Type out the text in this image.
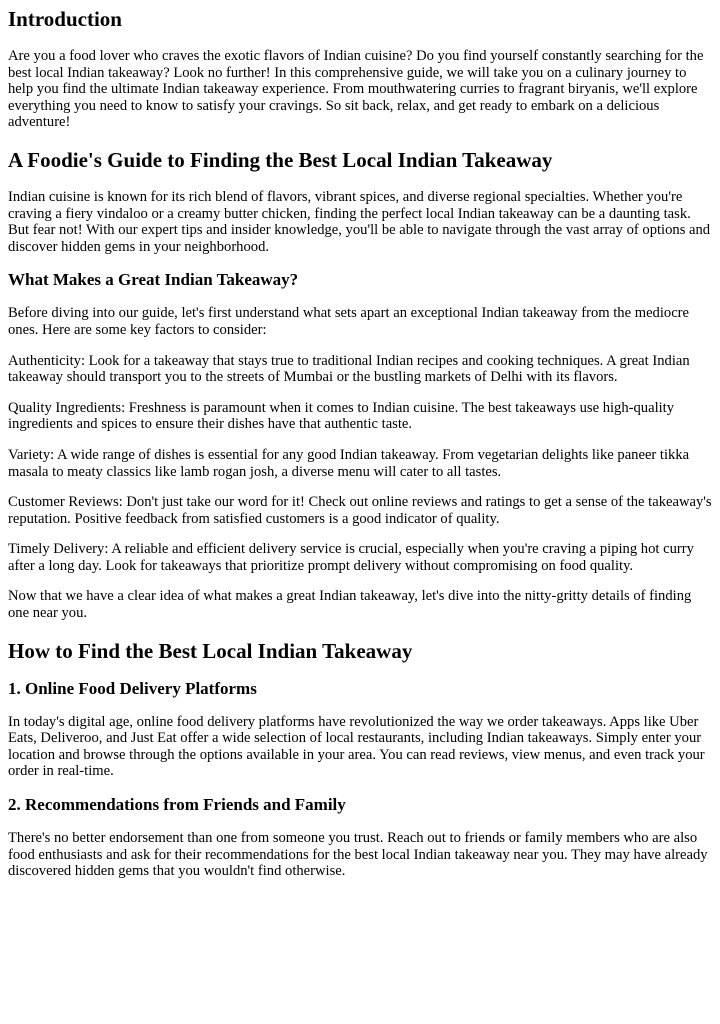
Introduction

Are you a food lover who craves the exotic flavors of Indian cuisine? Do you find yourself constantly searching for the best local Indian takeaway? Look no further! In this comprehensive guide, we will take you on a culinary journey to help you find the ultimate Indian takeaway experience. From mouthwatering curries to fragrant biryanis, we'll explore everything you need to know to satisfy your cravings. So sit back, relax, and get ready to embark on a delicious adventure!

A Foodie's Guide to Finding the Best Local Indian Takeaway

Indian cuisine is known for its rich blend of flavors, vibrant spices, and diverse regional specialties. Whether you're craving a fiery vindaloo or a creamy butter chicken, finding the perfect local Indian takeaway can be a daunting task. But fear not! With our expert tips and insider knowledge, you'll be able to navigate through the vast array of options and discover hidden gems in your neighborhood.

What Makes a Great Indian Takeaway?

Before diving into our guide, let's first understand what sets apart an exceptional Indian takeaway from the mediocre ones. Here are some key factors to consider:

Authenticity: Look for a takeaway that stays true to traditional Indian recipes and cooking techniques. A great Indian takeaway should transport you to the streets of Mumbai or the bustling markets of Delhi with its flavors.

Quality Ingredients: Freshness is paramount when it comes to Indian cuisine. The best takeaways use high-quality ingredients and spices to ensure their dishes have that authentic taste.

Variety: A wide range of dishes is essential for any good Indian takeaway. From vegetarian delights like paneer tikka masala to meaty classics like lamb rogan josh, a diverse menu will cater to all tastes.

Customer Reviews: Don't just take our word for it! Check out online reviews and ratings to get a sense of the takeaway's reputation. Positive feedback from satisfied customers is a good indicator of quality.

Timely Delivery: A reliable and efficient delivery service is crucial, especially when you're craving a piping hot curry after a long day. Look for takeaways that prioritize prompt delivery without compromising on food quality.

Now that we have a clear idea of what makes a great Indian takeaway, let's dive into the nitty-gritty details of finding one near you.

How to Find the Best Local Indian Takeaway
1. Online Food Delivery Platforms

In today's digital age, online food delivery platforms have revolutionized the way we order takeaways. Apps like Uber Eats, Deliveroo, and Just Eat offer a wide selection of local restaurants, including Indian takeaways. Simply enter your location and browse through the options available in your area. You can read reviews, view menus, and even track your order in real-time.

2. Recommendations from Friends and Family

There's no better endorsement than one from someone you trust. Reach out to friends or family members who are also food enthusiasts and ask for their recommendations for the best local Indian takeaway near you. They may have already discovered hidden gems that you wouldn't find otherwise.
